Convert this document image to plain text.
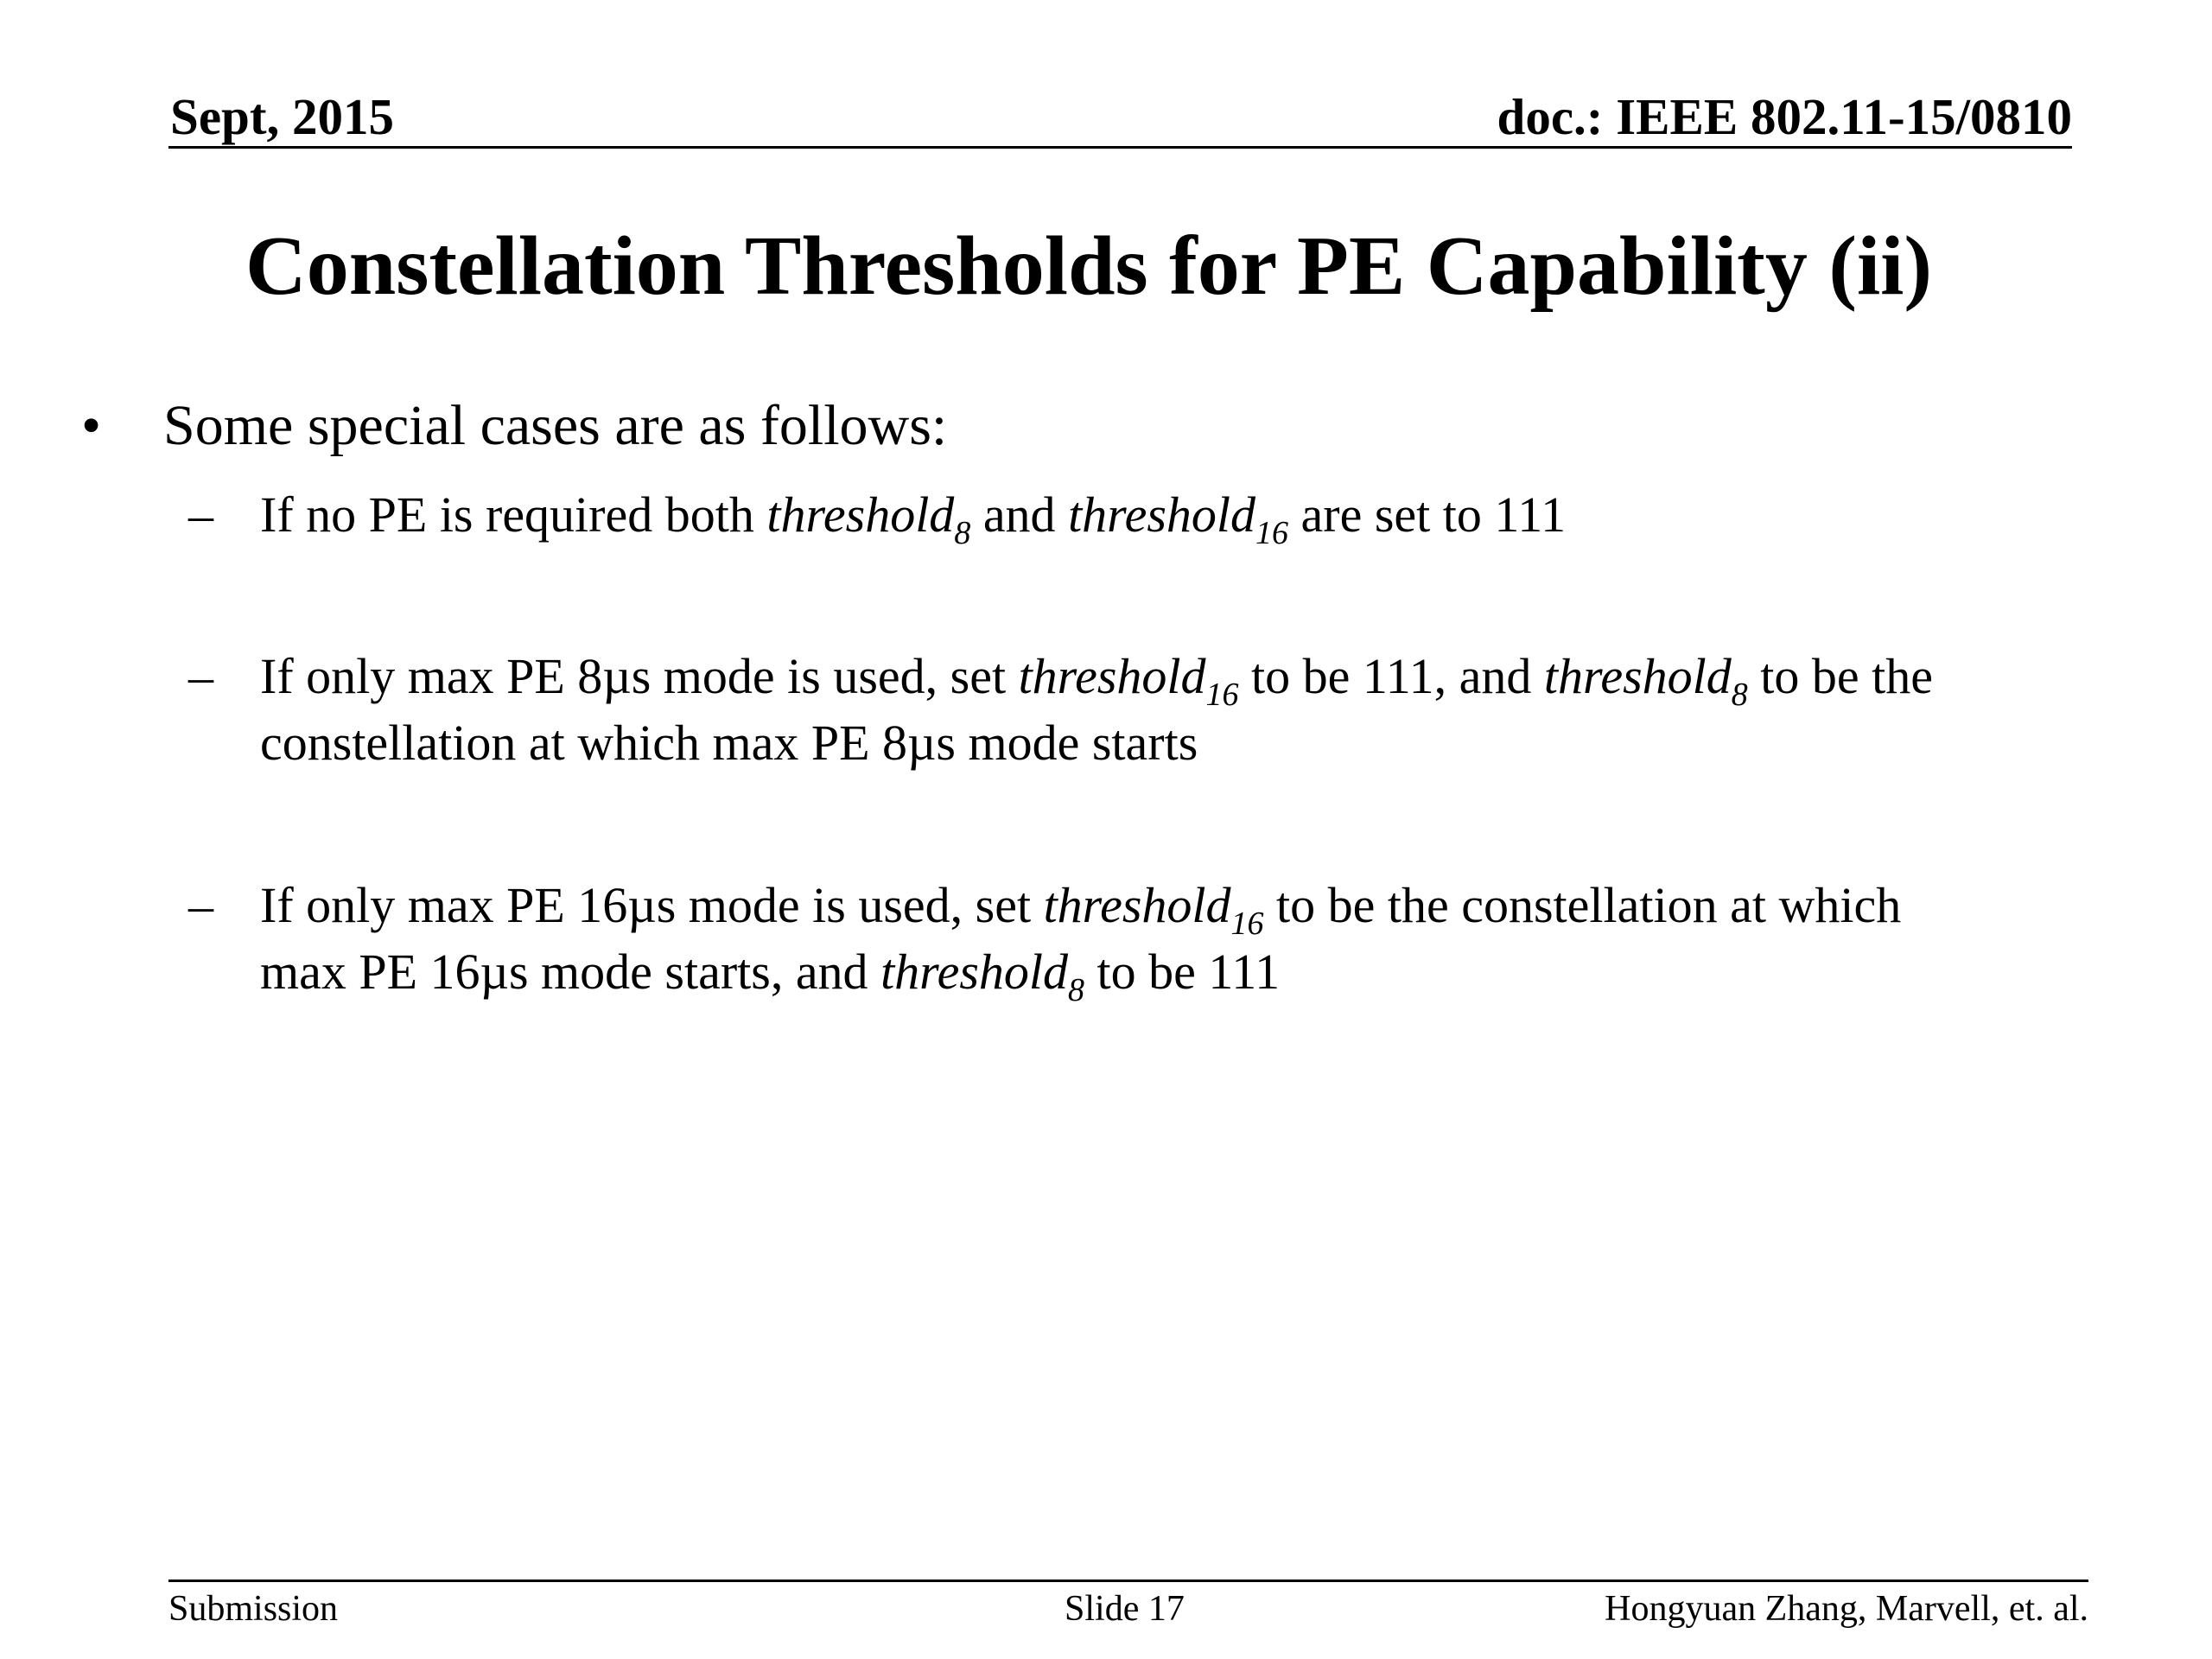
Sept, 2015	doc.: IEEE 802.11-15/0810
Constellation Thresholds for PE Capability (ii)
• Some special cases are as follows:
– If no PE is required both threshold$_8$ and threshold$_{16}$ are set to 111
– If only max PE 8µs mode is used, set threshold$_{16}$ to be 111, and threshold$_8$ to be the
constellation at which max PE 8µs mode starts
– If only max PE 16µs mode is used, set threshold$_{16}$ to be the constellation at which
max PE 16µs mode starts, and threshold$_8$ to be 111
Submission	Slide 17	Hongyuan Zhang, Marvell, et. al.
